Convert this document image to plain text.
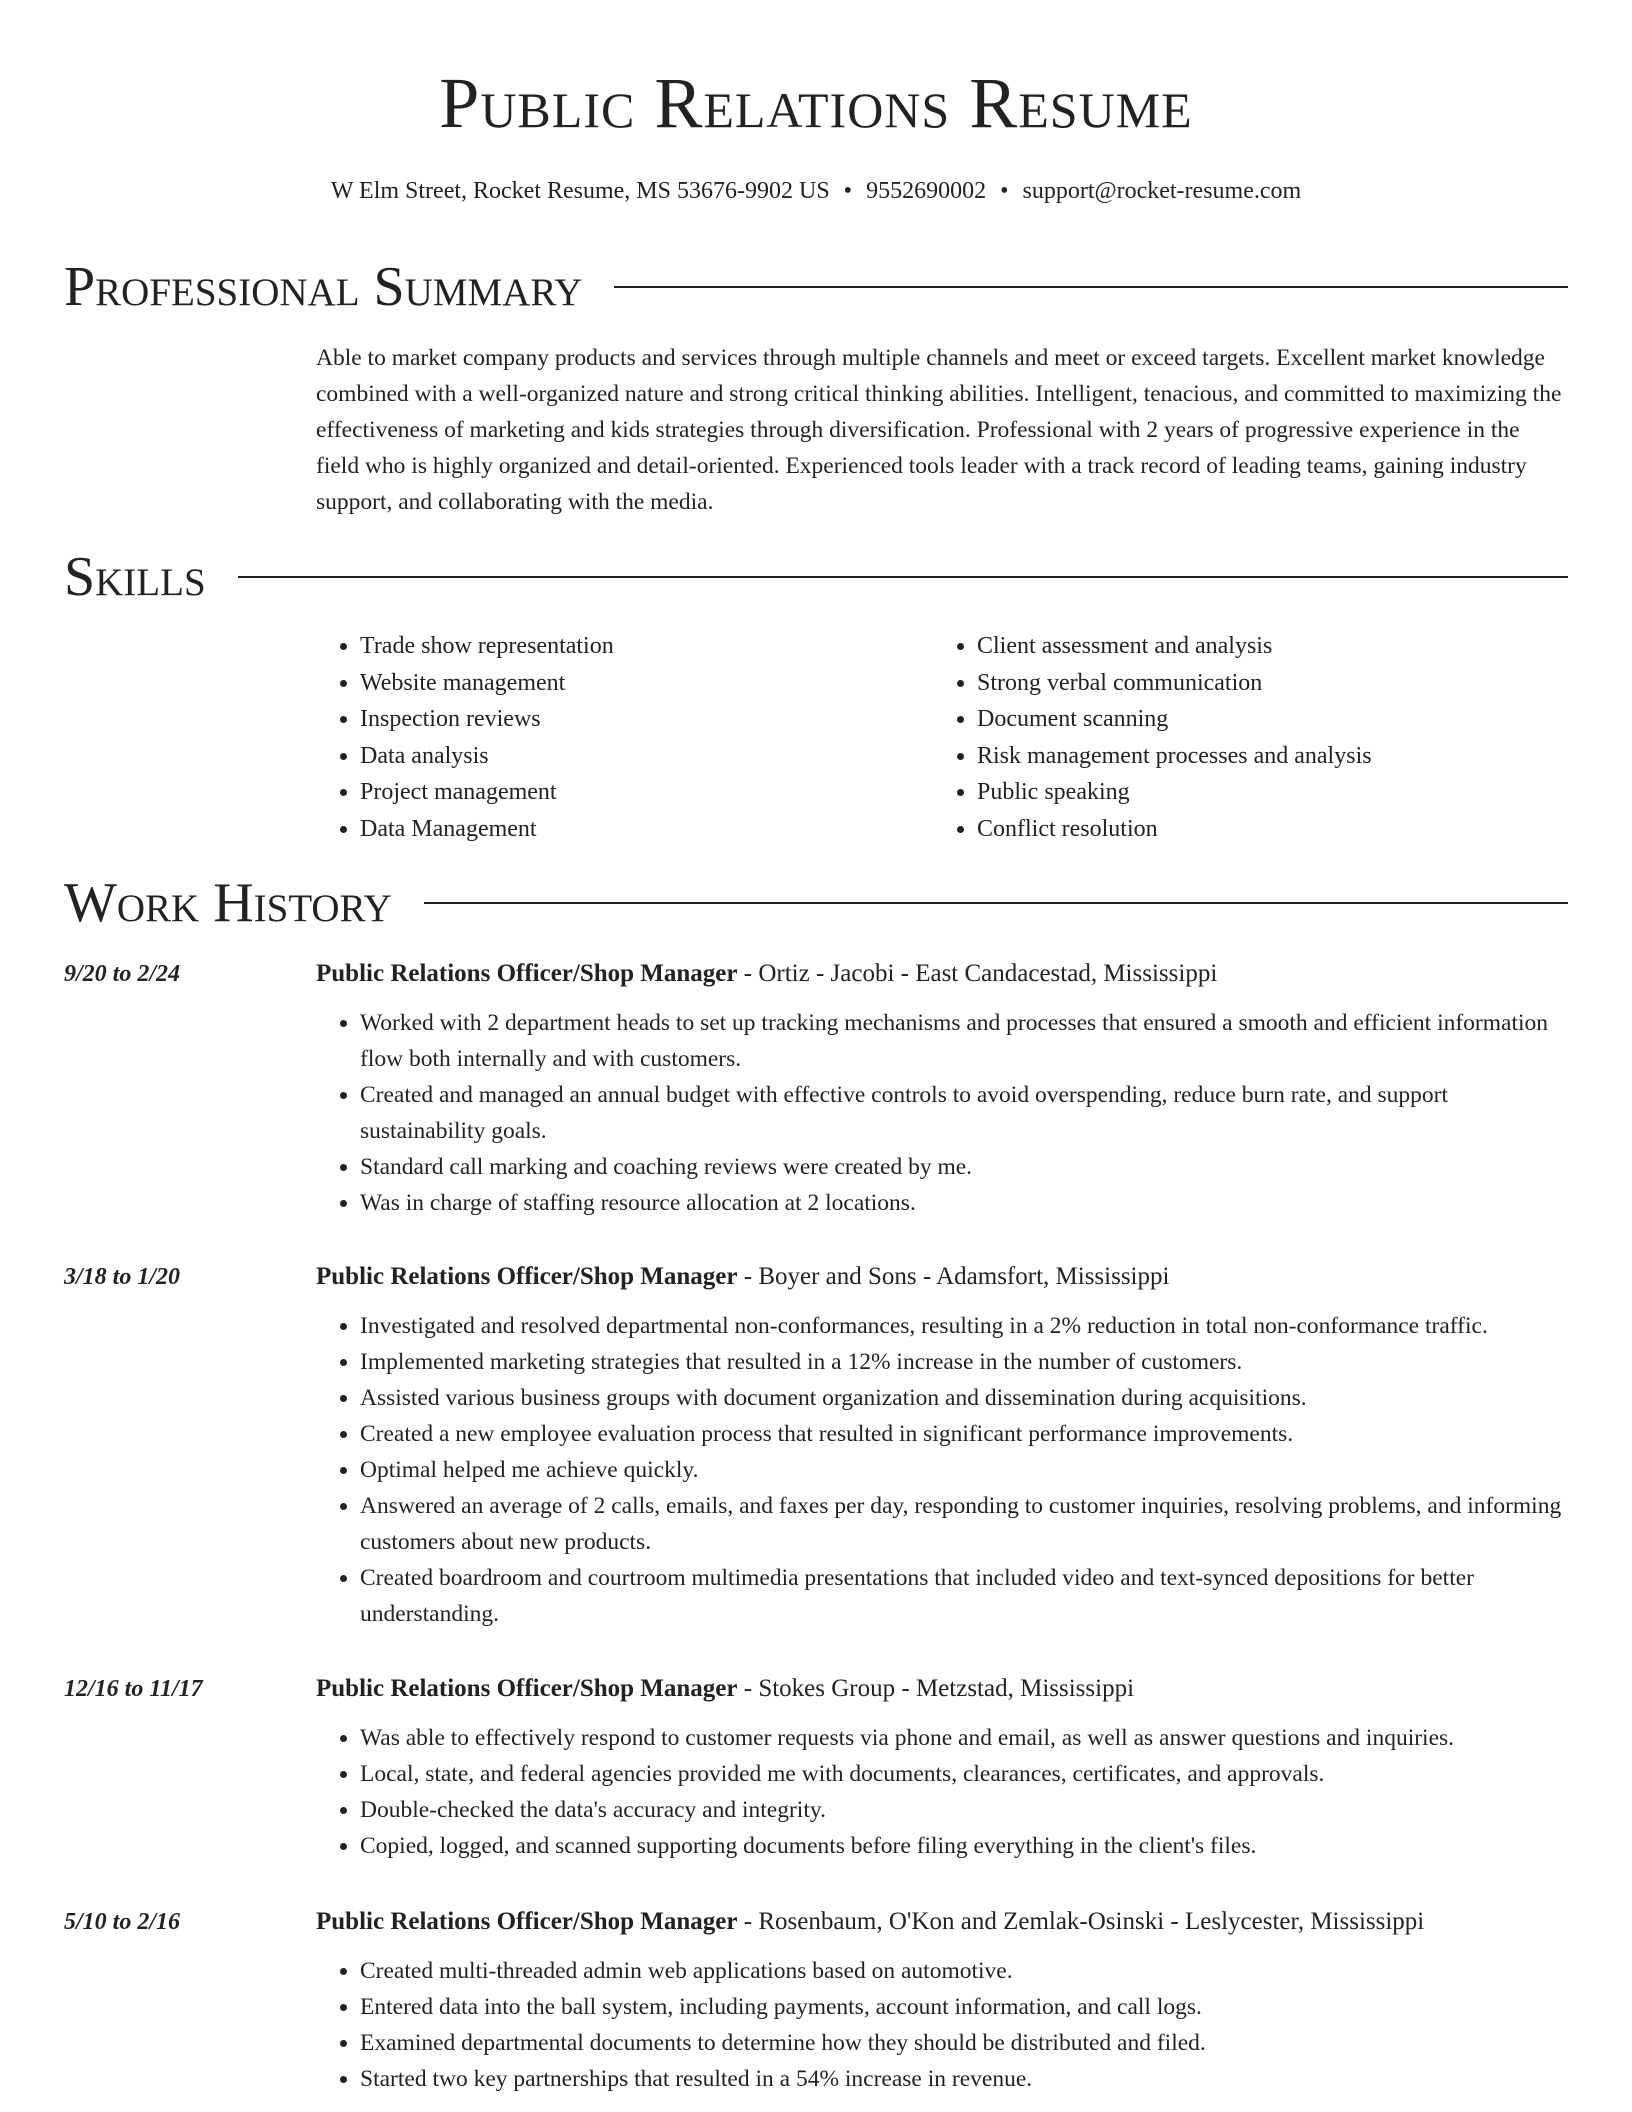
Public Relations Resume
W Elm Street, Rocket Resume, MS 53676-9902 US • 9552690002 • support@rocket-resume.com
Professional Summary

Able to market company products and services through multiple channels and meet or exceed targets. Excellent market knowledge combined with a well-organized nature and strong critical thinking abilities. Intelligent, tenacious, and committed to maximizing the effectiveness of marketing and kids strategies through diversification. Professional with 2 years of progressive experience in the field who is highly organized and detail-oriented. Experienced tools leader with a track record of leading teams, gaining industry support, and collaborating with the media.

Skills
• Trade show representation
• Website management
• Inspection reviews
• Data analysis
• Project management
• Data Management
• Client assessment and analysis
• Strong verbal communication
• Document scanning
• Risk management processes and analysis
• Public speaking
• Conflict resolution
Work History
9/20 to 2/24	Public Relations Officer/Shop Manager - Ortiz - Jacobi - East Candacestad, Mississippi
• Worked with 2 department heads to set up tracking mechanisms and processes that ensured a smooth and efficient information flow both internally and with customers.
• Created and managed an annual budget with effective controls to avoid overspending, reduce burn rate, and support sustainability goals.
• Standard call marking and coaching reviews were created by me.
• Was in charge of staffing resource allocation at 2 locations.
3/18 to 1/20	Public Relations Officer/Shop Manager - Boyer and Sons - Adamsfort, Mississippi
• Investigated and resolved departmental non-conformances, resulting in a 2% reduction in total non-conformance traffic.
• Implemented marketing strategies that resulted in a 12% increase in the number of customers.
• Assisted various business groups with document organization and dissemination during acquisitions.
• Created a new employee evaluation process that resulted in significant performance improvements.
• Optimal helped me achieve quickly.
• Answered an average of 2 calls, emails, and faxes per day, responding to customer inquiries, resolving problems, and informing customers about new products.
• Created boardroom and courtroom multimedia presentations that included video and text-synced depositions for better understanding.
12/16 to 11/17	Public Relations Officer/Shop Manager - Stokes Group - Metzstad, Mississippi
• Was able to effectively respond to customer requests via phone and email, as well as answer questions and inquiries.
• Local, state, and federal agencies provided me with documents, clearances, certificates, and approvals.
• Double-checked the data's accuracy and integrity.
• Copied, logged, and scanned supporting documents before filing everything in the client's files.
5/10 to 2/16	Public Relations Officer/Shop Manager - Rosenbaum, O'Kon and Zemlak-Osinski - Leslycester, Mississippi
• Created multi-threaded admin web applications based on automotive.
• Entered data into the ball system, including payments, account information, and call logs.
• Examined departmental documents to determine how they should be distributed and filed.
• Started two key partnerships that resulted in a 54% increase in revenue.
